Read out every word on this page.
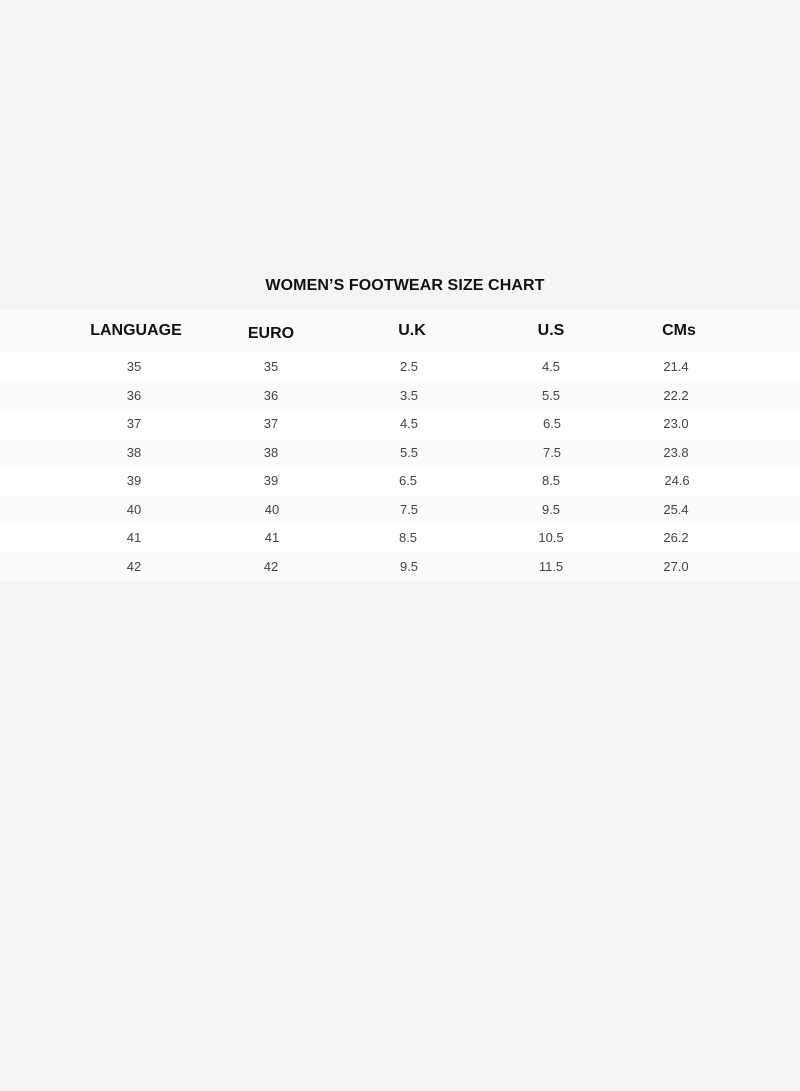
WOMEN’S FOOTWEAR SIZE CHART
LANGUAGE	EURO	U.K	U.S	CMs
35	35	2.5	4.5	21.4
36	36	3.5	5.5	22.2
37	37	4.5	6.5	23.0
38	38	5.5	7.5	23.8
39	39	6.5	8.5	24.6
40	40	7.5	9.5	25.4
41	41	8.5	10.5	26.2
42	42	9.5	11.5	27.0
